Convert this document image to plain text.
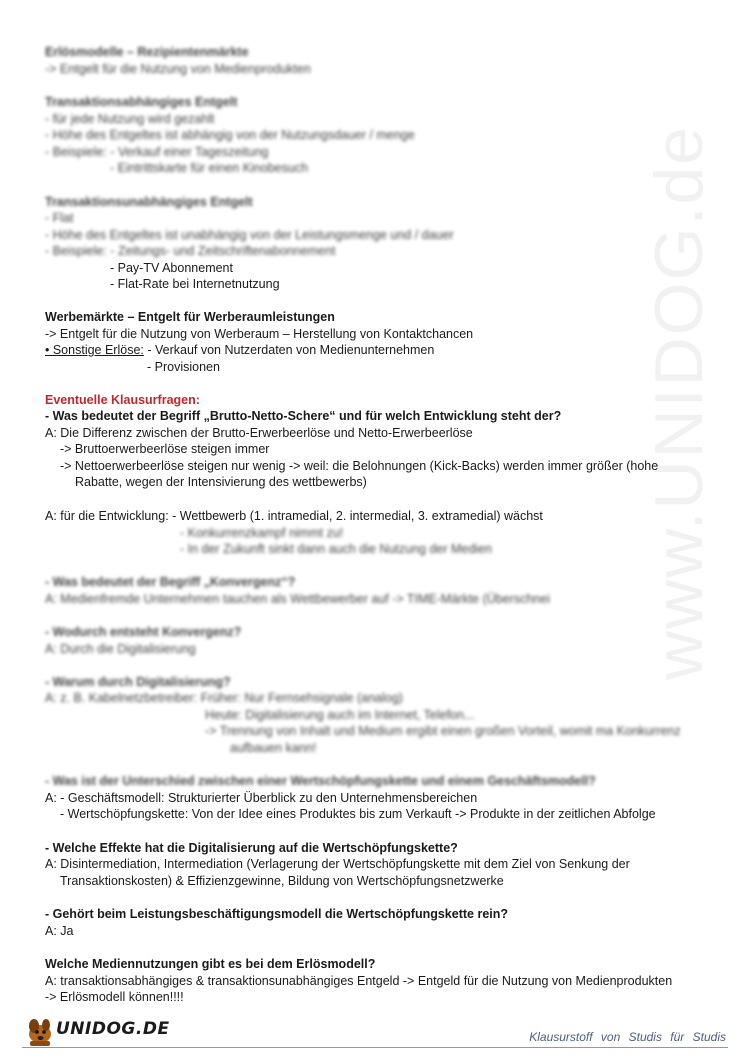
www.UNIDOG.de
Erlösmodelle – Rezipientenmärkte
-> Entgelt für die Nutzung von Medienprodukten
Transaktionsabhängiges Entgelt
- für jede Nutzung wird gezahlt
- Höhe des Entgeltes ist abhängig von der Nutzungsdauer / menge
- Beispiele: - Verkauf einer Tageszeitung
- Eintrittskarte für einen Kinobesuch
Transaktionsunabhängiges Entgelt
- Flat
- Höhe des Entgeltes ist unabhängig von der Leistungsmenge und / dauer
- Beispiele: - Zeitungs- und Zeitschriftenabonnement
- Pay-TV Abonnement
- Flat-Rate bei Internetnutzung
Werbemärkte – Entgelt für Werberaumleistungen
-> Entgelt für die Nutzung von Werberaum – Herstellung von Kontaktchancen
• Sonstige Erlöse: - Verkauf von Nutzerdaten von Medienunternehmen
- Provisionen
Eventuelle Klausurfragen:
- Was bedeutet der Begriff „Brutto-Netto-Schere“ und für welch Entwicklung steht der?
A: Die Differenz zwischen der Brutto-Erwerbeerlöse und Netto-Erwerbeerlöse
-> Bruttoerwerbeerlöse steigen immer
-> Nettoerwerbeerlöse steigen nur wenig -> weil: die Belohnungen (Kick-Backs) werden immer größer (hohe
Rabatte, wegen der Intensivierung des wettbewerbs)
A: für die Entwicklung: - Wettbewerb (1. intramedial, 2. intermedial, 3. extramedial) wächst
- Konkurrenzkampf nimmt zu!
- In der Zukunft sinkt dann auch die Nutzung der Medien
- Was bedeutet der Begriff „Konvergenz“?
A: Medienfremde Unternehmen tauchen als Wettbewerber auf -> TIME-Märkte (Überschnei
- Wodurch entsteht Konvergenz?
A: Durch die Digitalisierung
- Warum durch Digitalisierung?
A: z. B. Kabelnetzbetreiber: Früher: Nur Fernsehsignale (analog)
Heute: Digitalisierung auch im Internet, Telefon...
-> Trennung von Inhalt und Medium ergibt einen großen Vorteil, womit ma Konkurrenz
aufbauen kann!
- Was ist der Unterschied zwischen einer Wertschöpfungskette und einem Geschäftsmodell?
A: - Geschäftsmodell: Strukturierter Überblick zu den Unternehmensbereichen
- Wertschöpfungskette: Von der Idee eines Produktes bis zum Verkauft -> Produkte in der zeitlichen Abfolge
- Welche Effekte hat die Digitalisierung auf die Wertschöpfungskette?
A: Disintermediation, Intermediation (Verlagerung der Wertschöpfungskette mit dem Ziel von Senkung der
Transaktionskosten) & Effizienzgewinne, Bildung von Wertschöpfungsnetzwerke
- Gehört beim Leistungsbeschäftigungsmodell die Wertschöpfungskette rein?
A: Ja
Welche Mediennutzungen gibt es bei dem Erlösmodell?
A: transaktionsabhängiges & transaktionsunabhängiges Entgeld -> Entgeld für die Nutzung von Medienprodukten
-> Erlösmodell können!!!!
UNIDOG.DE	Klausurstoff von Studis für Studis
